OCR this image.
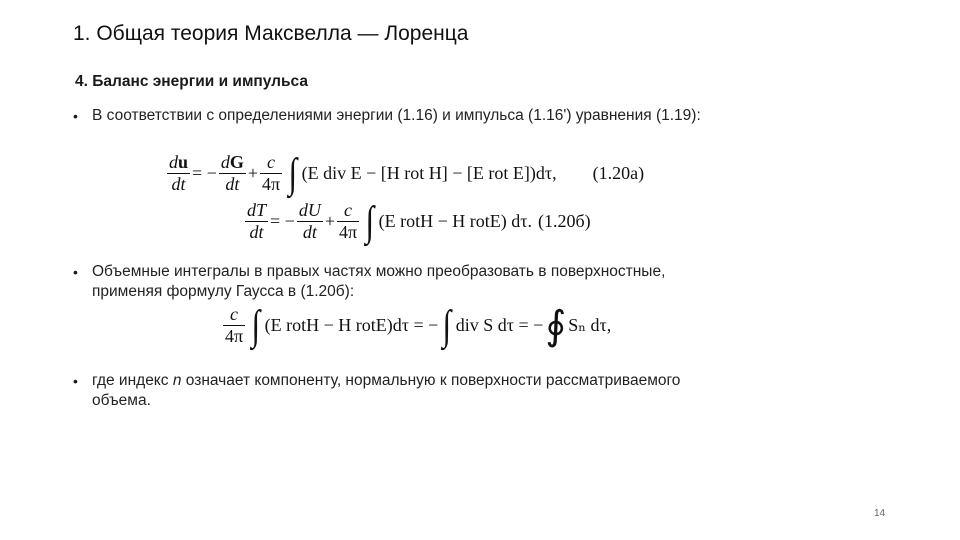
1. Общая теория Максвелла — Лоренца
4. Баланс энергии и импульса
• В соответствии с определениями энергии (1.16) и импульса (1.16') уравнения (1.19):
$\frac{du}{dt}$ = − $\frac{dG}{dt} + \frac{c}{4\pi}$ ∫ (E div E − [H rot H] − [E rot E])dτ, (1.20а)
$\frac{dT}{dt}$ = − $\frac{dU}{dt} + \frac{c}{4\pi}$ ∫ (E rotH − H rotE) dτ. (1.20б)
• Объемные интегралы в правых частях можно преобразовать в поверхностные,
применяя формулу Гаусса в (1.20б):
$\frac{c}{4\pi}$ ∫ (E rotH − H rotE)dτ = − ∫ div S dτ = − ∮ Sₙ dτ,
• где индекс n означает компоненту, нормальную к поверхности рассматриваемого
объема.
14
